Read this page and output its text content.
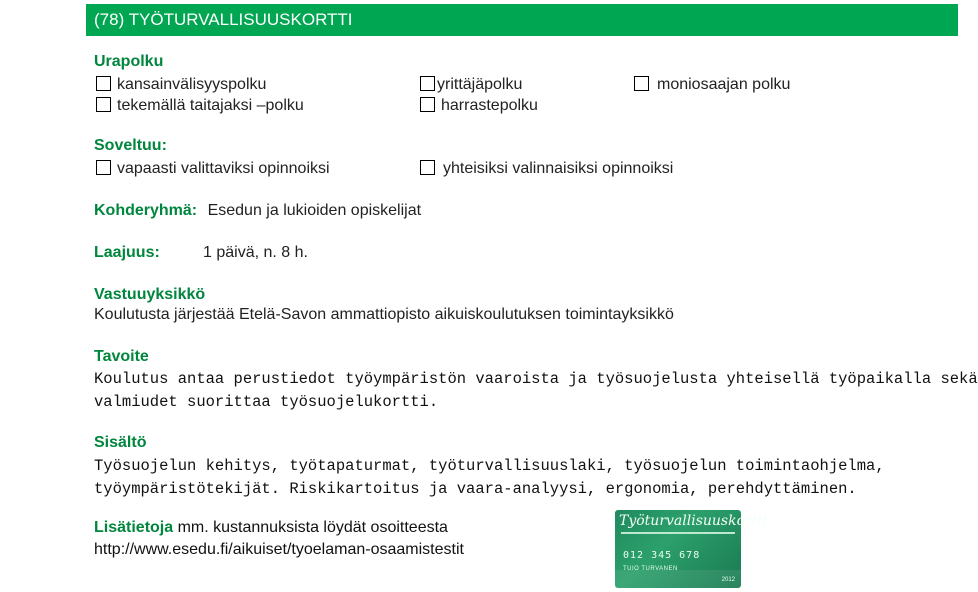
(78) TYÖTURVALLISUUSKORTTI
Urapolku
kansainvälisyyspolku	yrittäjäpolku	moniosaajan polku
tekemällä taitajaksi –polku	harrastepolku
Soveltuu:
vapaasti valittaviksi opinnoiksi	yhteisiksi valinnaisiksi opinnoiksi
Kohderyhmä: Esedun ja lukioiden opiskelijat
Laajuus:	1 päivä, n. 8 h.
Vastuuyksikkö
Koulutusta järjestää Etelä-Savon ammattiopisto aikuiskoulutuksen toimintayksikkö
Tavoite
Koulutus antaa perustiedot työympäristön vaaroista ja työsuojelusta yhteisellä työpaikalla sekä
valmiudet suorittaa työsuojelukortti.
Sisältö
Työsuojelun kehitys, työtapaturmat, työturvallisuuslaki, työsuojelun toimintaohjelma,
työympäristötekijät. Riskikartoitus ja vaara-analyysi, ergonomia, perehdyttäminen.
Lisätietoja mm. kustannuksista löydät osoitteesta
http://www.esedu.fi/aikuiset/tyoelaman-osaamistestit
Työturvallisuuskortti
012 345 678
TUIO TURVANEN
2012
